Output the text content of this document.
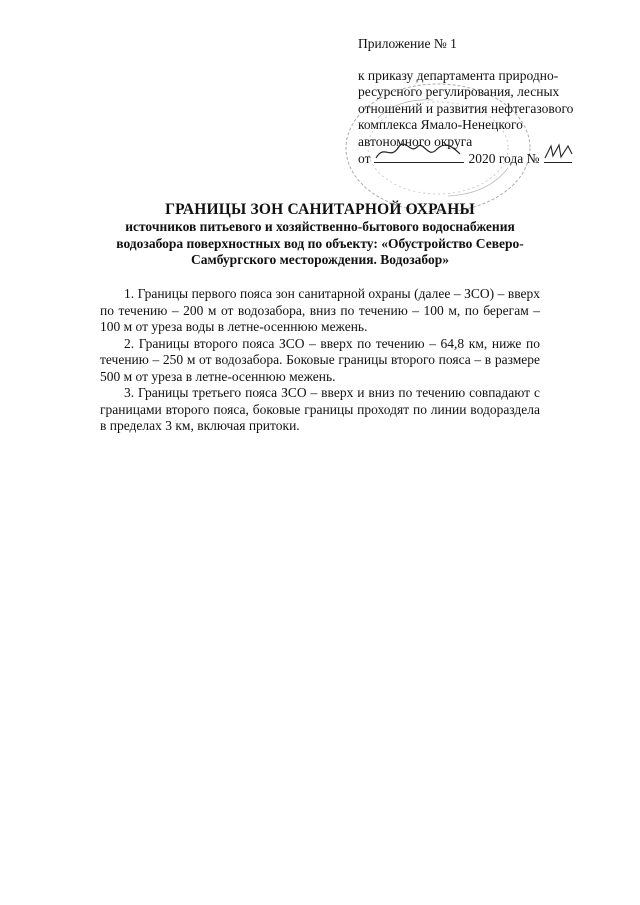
Приложение № 1
к приказу департамента природно-
ресурсного регулирования, лесных
отношений и развития нефтегазового
комплекса Ямало-Ненецкого
автономного округа
от	2020 года №
ГРАНИЦЫ ЗОН САНИТАРНОЙ ОХРАНЫ
источников питьевого и хозяйственно-бытового водоснабжения
водозабора поверхностных вод по объекту: «Обустройство Северо-
Самбургского месторождения. Водозабор»

1. Границы первого пояса зон санитарной охраны (далее – ЗСО) – вверх по течению – 200 м от водозабора, вниз по течению – 100 м, по берегам – 100 м от уреза воды в летне-осеннюю межень.

2. Границы второго пояса ЗСО – вверх по течению – 64,8 км, ниже по течению – 250 м от водозабора. Боковые границы второго пояса – в размере 500 м от уреза в летне-осеннюю межень.

3. Границы третьего пояса ЗСО – вверх и вниз по течению совпадают с границами второго пояса, боковые границы проходят по линии водораздела в пределах 3 км, включая притоки.
